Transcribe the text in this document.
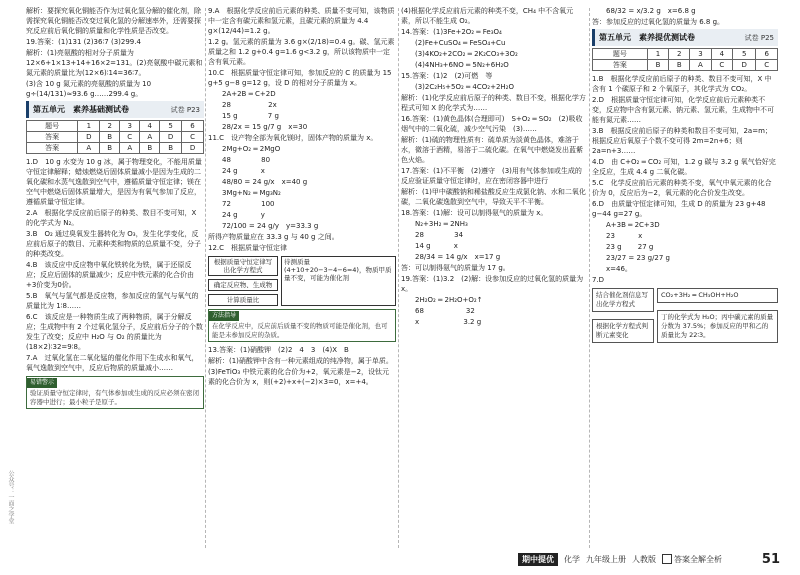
公众号：一面之学堂

解析：要探究氧化铜能否作为过氧化氢分解的催化剂，除需探究氧化铜能否改变过氧化氢的分解速率外，还需要探究反应前后氧化铜的质量和化学性质是否改变。

19.答案：(1)131 (2)36∶7 (3)299.4

解析：(1)亮氨酸的相对分子质量为12×6+1×13+14+16×2=131。(2)亮氨酸中碳元素和氮元素的质量比为(12×6)∶14=36∶7。

(3)含 10 g 氮元素的亮氨酸的质量为 10 g÷(14/131)≈93.6 g……299.4 g。

第五单元　素养基础测试卷	试卷 P23
题号	1	2	3	4	5	6
答案	D	B	C	A	D	C
答案	A	B	A	B	B	D

1.D　10 g 水变为 10 g 冰，属于物理变化，不能用质量守恒定律解释；蜡烛燃烧后固体质量减小是因为生成的二氧化碳和水蒸气逸散到空气中，遵循质量守恒定律；镁在空气中燃烧后固体质量增大，是因为有氧气参加了反应，遵循质量守恒定律。

2.A　根据化学反应前后原子的种类、数目不变可知，X 的化学式为 N₂。

3.B　O₂ 通过臭氧发生器转化为 O₃，发生化学变化，反应前后原子的数目、元素种类和物质的总质量不变，分子的种类改变。

4.B　该反应中反应物中氧化铁转化为铁，属于还原反应；反应后固体的质量减少；反应中铁元素的化合价由+3价变为0价。

5.B　氧气与氢气都是反应物，参加反应的氢气与氧气的质量比为 1∶8……

6.C　该反应是一种物质生成了两种物质，属于分解反应；生成物中有 2 个过氧化氢分子，反应前后分子的个数发生了改变；反应中 H₂O 与 O₂ 的质量比为 (18×2)∶32=9∶8。

7.A　过氧化氢在二氧化锰的催化作用下生成水和氧气，氧气逸散到空气中，反应后物质的质量减小……

易错警示
验证质量守恒定律时，有气体参加或生成的反应必须在密闭容器中进行；最小粒子是原子。

9.A　根据化学反应前后元素的种类、质量不变可知，该物质中一定含有碳元素和氢元素，且碳元素的质量为 4.4 g×(12/44)=1.2 g。

1.2 g。氢元素的质量为 3.6 g×(2/18)=0.4 g。碳、氢元素质量之和 1.2 g+0.4 g=1.6 g<3.2 g，所以该物质中一定含有氧元素。

10.C　根据质量守恒定律可知，参加反应的 C 的质量为 15 g+5 g−8 g=12 g，设 D 的相对分子质量为 x。

2A+2B ═ C+2D

28　　　　　 2x

15 g　　　　 7 g

28/2x = 15 g/7 g　x=30

11.C　设产物全部为氧化镁时，固体产物的质量为 x。

2Mg+O₂ ═ 2MgO

48　　　　 80

24 g　　　 x

48/80 = 24 g/x　x=40 g

3Mg+N₂ ═ Mg₃N₂

72　　　　 100

24 g　　　 y

72/100 = 24 g/y　y=33.3 g

所得产物质量应在 33.3 g 与 40 g 之间。

12.C　根据质量守恒定律

根据质量守恒定律写出化学方程式
确定反应物、生成物
计算质量比
待测质量 (4+10+20−3−4−6=4)，物质甲质量不变，可能为催化剂
方法指导
在化学反应中，反应前后质量不变的物质可能是催化剂，也可能是未参加反应的杂质。

13.答案：(1)硝酸钾　(2)2　4　3　(4)X　B

解析：(1)硝酸钾中含有一种元素组成的纯净物，属于单质。

(3)FeTiO₃ 中铁元素的化合价为+2，氧元素是−2，设钛元素的化合价为 x，则(+2)+x+(−2)×3=0，x=+4。

(4)根据化学反应前后元素的种类不变，CH₄ 中不含氧元素，所以不能生成 O₂。

14.答案：(1)3Fe+2O₂ ═ Fe₃O₄

(2)Fe+CuSO₄ ═ FeSO₄+Cu

(3)4KO₂+2CO₂ ═ 2K₂CO₃+3O₂

(4)4NH₃+6NO ═ 5N₂+6H₂O

15.答案：(1)2　(2)可燃　等

(3)2C₂H₅+5O₂ ═ 4CO₂+2H₂O

解析：(1)化学反应前后原子的种类、数目不变，根据化学方程式可知 X 的化学式为……

16.答案：(1)黄色晶体(合理即可)　S+O₂ ═ SO₂　(2)吸收烟气中的二氧化硫，减少空气污染　(3)……

解析：(1)硫的物理性质有：硫单质为淡黄色晶体，难溶于水，微溶于酒精，易溶于二硫化碳。在氧气中燃烧发出蓝紫色火焰。

17.答案：(1)不平衡　(2)遵守　(3)用有气体参加或生成的反应验证质量守恒定律时，应在密闭容器中进行

解析：(1)甲中碳酸钠和稀盐酸反应生成氯化钠、水和二氧化碳，二氧化碳逸散到空气中，导致天平不平衡。

18.答案：(1)解：设可以制得氨气的质量为 x。

N₂+3H₂ ═ 2NH₃

28　　　　 34

14 g　　　 x

28/34 = 14 g/x　x=17 g

答：可以制得氨气的质量为 17 g。

19.答案：(1)3.2　(2)解：设参加反应的过氧化氢的质量为 x。

2H₂O₂ ═ 2H₂O+O₂↑

68　　　　　　32

x　　　　　　 3.2 g

68/32 = x/3.2 g　x=6.8 g

答：参加反应的过氧化氢的质量为 6.8 g。

第五单元　素养提优测试卷	试卷 P25
题号	1	2	3	4	5	6
答案	B	B	A	C	D	C

1.B　根据化学反应前后原子的种类、数目不变可知，X 中含有 1 个碳原子和 2 个氧原子，其化学式为 CO₂。

2.D　根据质量守恒定律可知，化学反应前后元素种类不变，反应物中含有氯元素、钠元素、氢元素，生成物中不可能有氮元素……

3.B　根据反应前后原子的种类和数目不变可知，2a=m；根据反应后氧原子个数不变可得 2m=2n+6；则 2a=n+3……

4.D　由 C+O₂ ═ CO₂ 可知，1.2 g 碳与 3.2 g 氧气恰好完全反应，生成 4.4 g 二氧化碳。

5.C　化学反应前后元素的种类不变，氧气中氧元素的化合价为 0，反应后为−2，氧元素的化合价发生改变。

6.D　由质量守恒定律可知，生成 D 的质量为 23 g+48 g−44 g=27 g。

A+3B ═ 2C+3D

23　　　 x

23 g　　 27 g

23/27 = 23 g/27 g

x=46。

7.D

结合催化剂信息写出化学方程式
根据化学方程式判断元素变化
CO₂+3H₂ ═ CH₃OH+H₂O
丁的化学式为 H₂O；丙中碳元素的质量分数为 37.5%；参加反应的甲和乙的质量比为 22∶3。
期中提优	化学 九年级上册 人教版	答案全解全析	51
